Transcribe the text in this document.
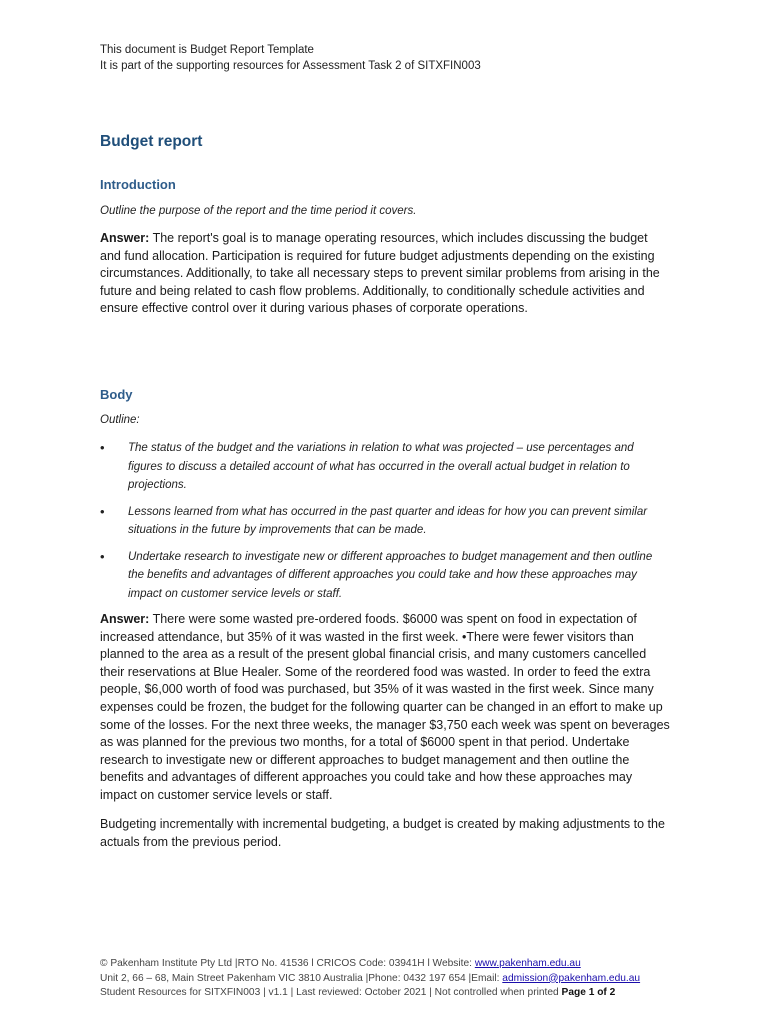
This document is Budget Report Template
It is part of the supporting resources for Assessment Task 2 of SITXFIN003
Budget report
Introduction

Outline the purpose of the report and the time period it covers.

Answer: The report's goal is to manage operating resources, which includes discussing the budget and fund allocation. Participation is required for future budget adjustments depending on the existing circumstances. Additionally, to take all necessary steps to prevent similar problems from arising in the future and being related to cash flow problems. Additionally, to conditionally schedule activities and ensure effective control over it during various phases of corporate operations.

Body

Outline:

• The status of the budget and the variations in relation to what was projected – use percentages and figures to discuss a detailed account of what has occurred in the overall actual budget in relation to projections.
• Lessons learned from what has occurred in the past quarter and ideas for how you can prevent similar situations in the future by improvements that can be made.
• Undertake research to investigate new or different approaches to budget management and then outline the benefits and advantages of different approaches you could take and how these approaches may impact on customer service levels or staff.

Answer: There were some wasted pre-ordered foods. $6000 was spent on food in expectation of increased attendance, but 35% of it was wasted in the first week. •There were fewer visitors than planned to the area as a result of the present global financial crisis, and many customers cancelled their reservations at Blue Healer. Some of the reordered food was wasted. In order to feed the extra people, $6,000 worth of food was purchased, but 35% of it was wasted in the first week. Since many expenses could be frozen, the budget for the following quarter can be changed in an effort to make up some of the losses. For the next three weeks, the manager $3,750 each week was spent on beverages as was planned for the previous two months, for a total of $6000 spent in that period. Undertake research to investigate new or different approaches to budget management and then outline the benefits and advantages of different approaches you could take and how these approaches may impact on customer service levels or staff.

Budgeting incrementally with incremental budgeting, a budget is created by making adjustments to the actuals from the previous period.

© Pakenham Institute Pty Ltd |RTO No. 41536 l CRICOS Code: 03941H l Website: www.pakenham.edu.au
Unit 2, 66 – 68, Main Street Pakenham VIC 3810 Australia |Phone: 0432 197 654 |Email: admission@pakenham.edu.au
Student Resources for SITXFIN003 | v1.1 | Last reviewed: October 2021 | Not controlled when printed Page 1 of 2
